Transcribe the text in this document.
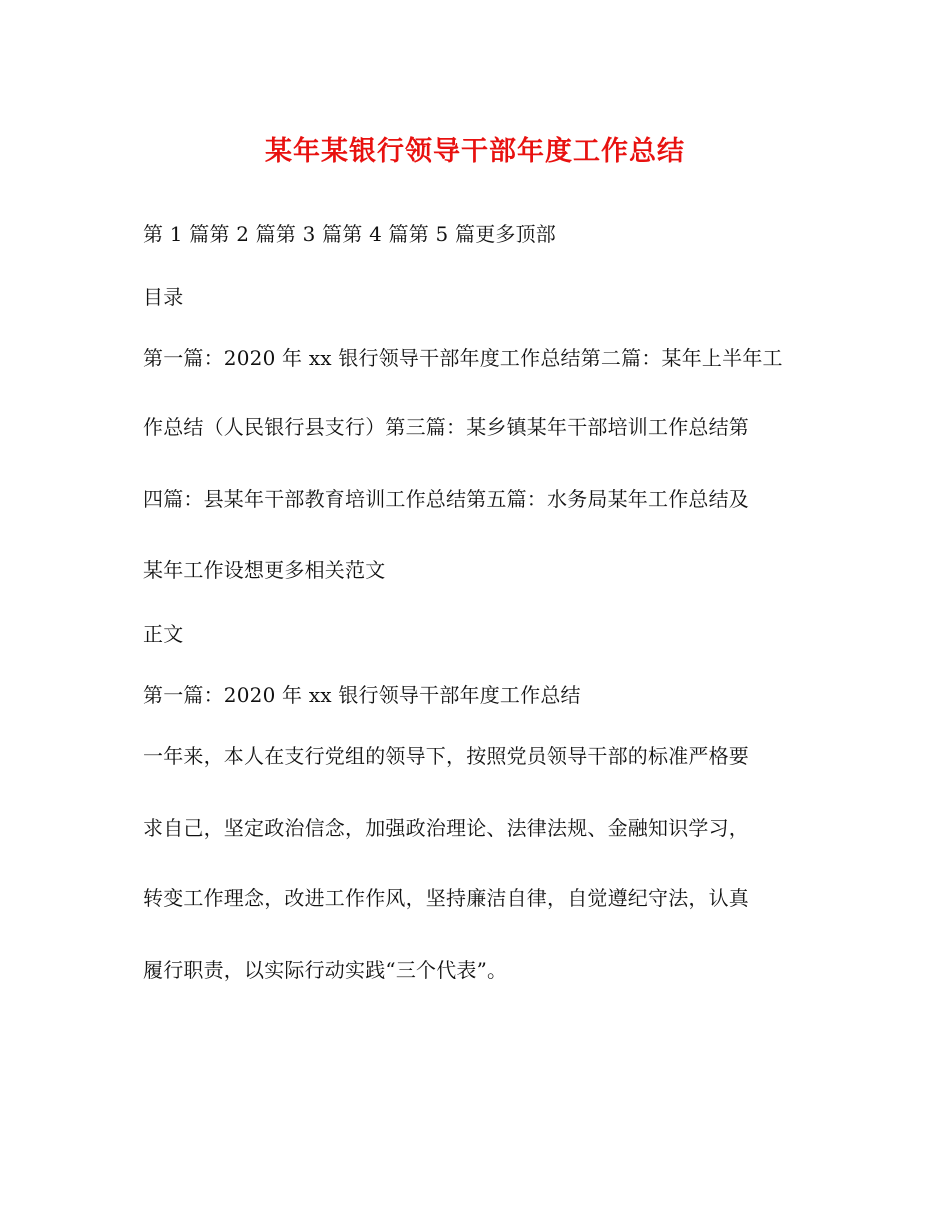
某年某银行领导干部年度工作总结
第 1 篇第 2 篇第 3 篇第 4 篇第 5 篇更多顶部
目录
第一篇：2020 年 xx 银行领导干部年度工作总结第二篇：某年上半年工
作总结（人民银行县支行）第三篇：某乡镇某年干部培训工作总结第
四篇：县某年干部教育培训工作总结第五篇：水务局某年工作总结及
某年工作设想更多相关范文
正文
第一篇：2020 年 xx 银行领导干部年度工作总结
一年来，本人在支行党组的领导下，按照党员领导干部的标准严格要
求自己，坚定政治信念，加强政治理论、法律法规、金融知识学习，
转变工作理念，改进工作作风，坚持廉洁自律，自觉遵纪守法，认真
履行职责，以实际行动实践“三个代表”。
